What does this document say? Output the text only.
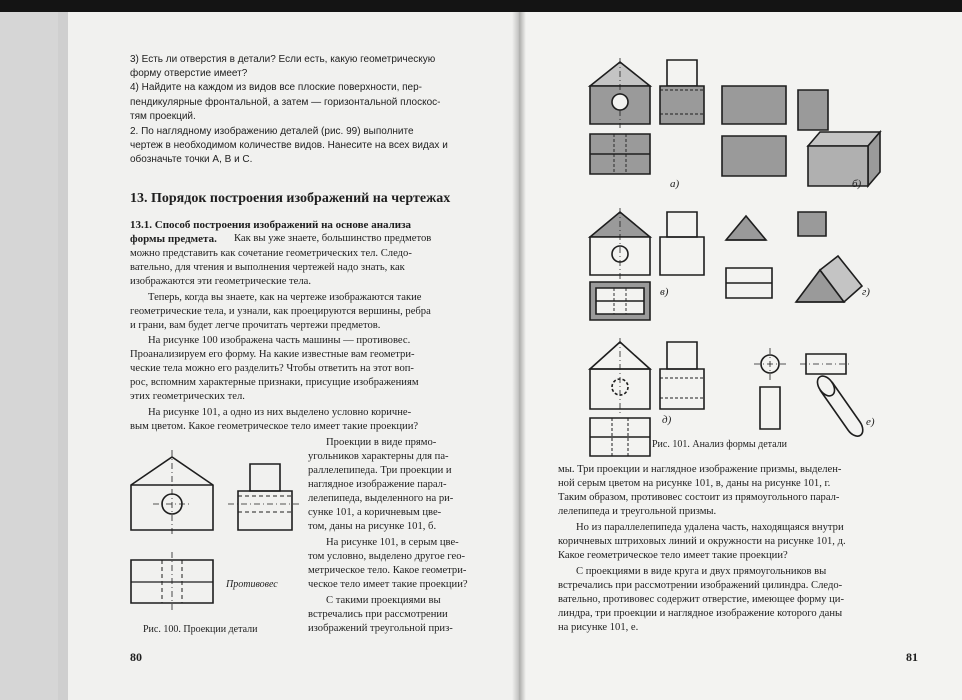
3) Есть ли отверстия в детали? Если есть, какую геометрическую
форму отверстие имеет?
4) Найдите на каждом из видов все плоские поверхности, пер-
пендикулярные фронтальной, а затем — горизонтальной плоскос-
тям проекций.
2. По наглядному изображению деталей (рис. 99) выполните
чертеж в необходимом количестве видов. Нанесите на всех видах и
обозначьте точки А, В и С.
13. Порядок построения изображений на чертежах
13.1. Способ построения изображений на основе анализа
формы предмета. Как вы уже знаете, большинство предметов
можно представить как сочетание геометрических тел. Следо-
вательно, для чтения и выполнения чертежей надо знать, как
изображаются эти геометрические тела.
Теперь, когда вы знаете, как на чертеже изображаются такие
геометрические тела, и узнали, как проецируются вершины, ребра
и грани, вам будет легче прочитать чертежи предметов.
На рисунке 100 изображена часть машины — противовес.
Проанализируем его форму. На какие известные вам геометри-
ческие тела можно его разделить? Чтобы ответить на этот воп-
рос, вспомним характерные признаки, присущие изображениям
этих геометрических тел.
На рисунке 101, а одно из них выделено условно коричне-
вым цветом. Какое геометрическое тело имеет такие проекции?
Проекции в виде прямо-
угольников характерны для па-
раллелепипеда. Три проекции и
наглядное изображение парал-
лелепипеда, выделенного на ри-
сунке 101, а коричневым цве-
том, даны на рисунке 101, б.
На рисунке 101, в серым цве-
том условно, выделено другое гео-
метрическое тело. Какое геометри-
ческое тело имеет такие проекции?
С такими проекциями вы
встречались при рассмотрении
изображений треугольной приз-
Противовес
Рис. 100. Проекции детали
80
а)	б)
в)	г)
д)	е)
Рис. 101. Анализ формы детали
мы. Три проекции и наглядное изображение призмы, выделен-
ной серым цветом на рисунке 101, в, даны на рисунке 101, г.
Таким образом, противовес состоит из прямоугольного парал-
лелепипеда и треугольной призмы.
Но из параллелепипеда удалена часть, находящаяся внутри
коричневых штриховых линий и окружности на рисунке 101, д.
Какое геометрическое тело имеет такие проекции?
С проекциями в виде круга и двух прямоугольников вы
встречались при рассмотрении изображений цилиндра. Следо-
вательно, противовес содержит отверстие, имеющее форму ци-
линдра, три проекции и наглядное изображение которого даны
на рисунке 101, е.
81
